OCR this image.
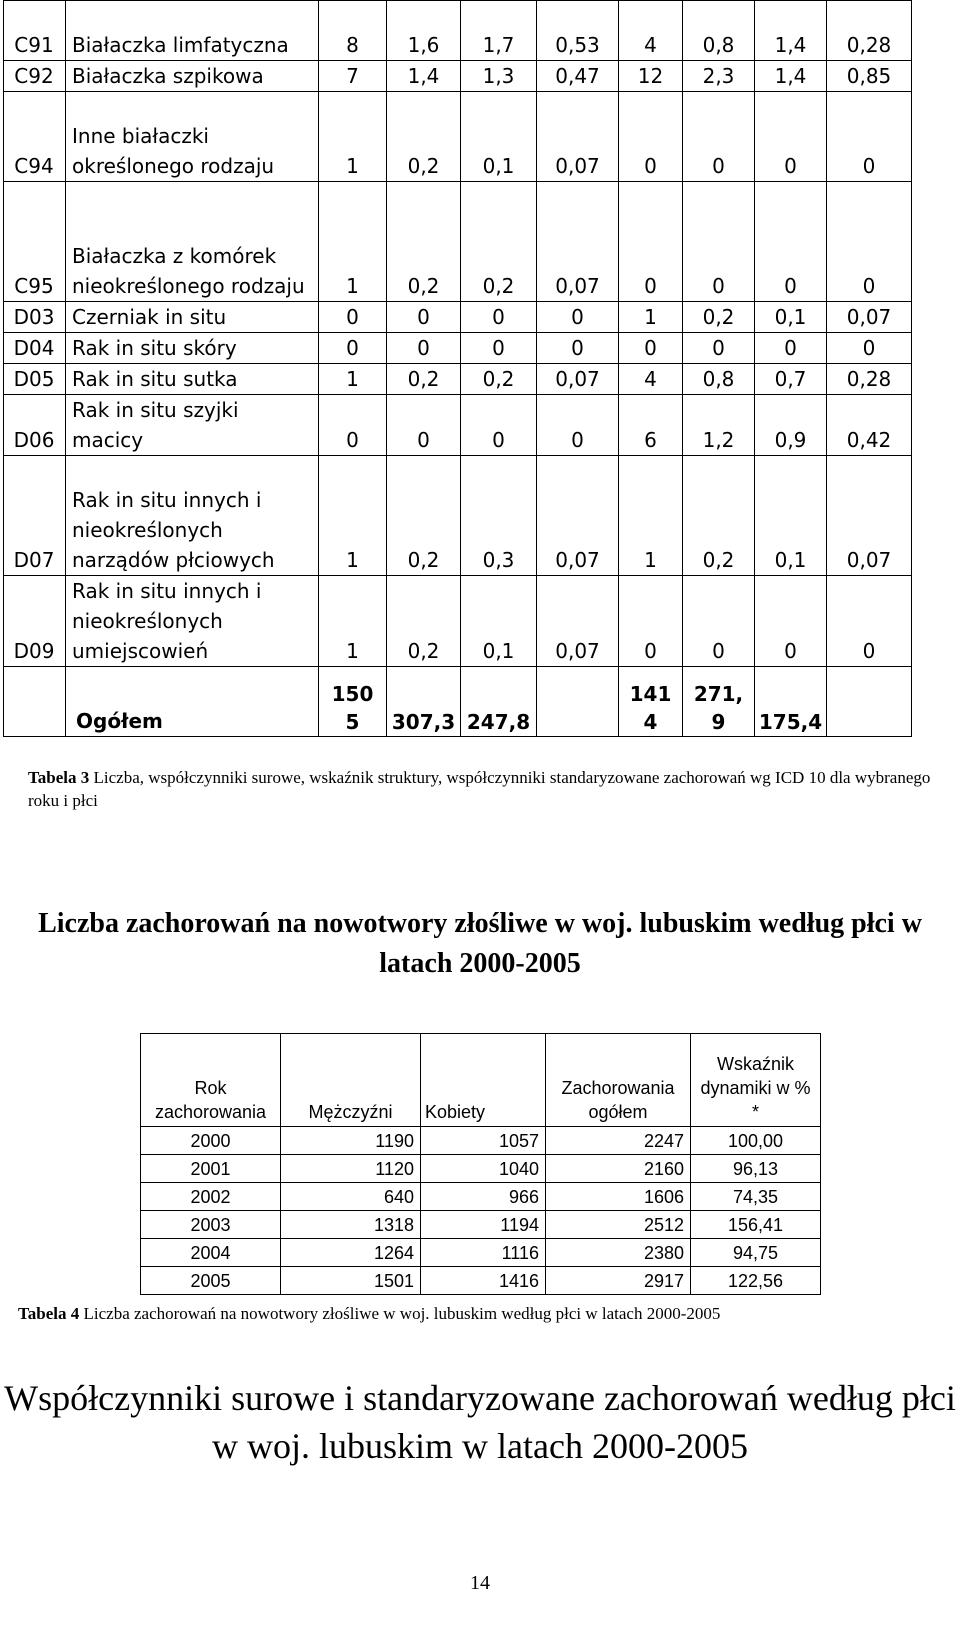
C91	Białaczka limfatyczna	8	1,6	1,7	0,53	4	0,8	1,4	0,28
C92	Białaczka szpikowa	7	1,4	1,3	0,47	12	2,3	1,4	0,85
C94	Inne białaczki określonego rodzaju	1	0,2	0,1	0,07	0	0	0	0
C95	Białaczka z komórek nieokreślonego rodzaju	1	0,2	0,2	0,07	0	0	0	0
D03	Czerniak in situ	0	0	0	0	1	0,2	0,1	0,07
D04	Rak in situ skóry	0	0	0	0	0	0	0	0
D05	Rak in situ sutka	1	0,2	0,2	0,07	4	0,8	0,7	0,28
D06	Rak in situ szyjki macicy	0	0	0	0	6	1,2	0,9	0,42
D07	Rak in situ innych i nieokreślonych narządów płciowych	1	0,2	0,3	0,07	1	0,2	0,1	0,07
D09	Rak in situ innych i nieokreślonych umiejscowień	1	0,2	0,1	0,07	0	0	0	0
	Ogółem	1505	307,3	247,8		1414	271,9	175,4	
Tabela 3 Liczba, współczynniki surowe, wskaźnik struktury, współczynniki standaryzowane zachorowań wg ICD 10 dla wybranego roku i płci
Liczba zachorowań na nowotwory złośliwe w woj. lubuskim według płci w latach 2000-2005
Rok zachorowania	Mężczyźni	Kobiety	Zachorowania ogółem	Wskaźnik dynamiki w % *
2000	1190	1057	2247	100,00
2001	1120	1040	2160	96,13
2002	640	966	1606	74,35
2003	1318	1194	2512	156,41
2004	1264	1116	2380	94,75
2005	1501	1416	2917	122,56
Tabela 4 Liczba zachorowań na nowotwory złośliwe w woj. lubuskim według płci w latach 2000-2005
Współczynniki surowe i standaryzowane zachorowań według płci w woj. lubuskim w latach 2000-2005
14
